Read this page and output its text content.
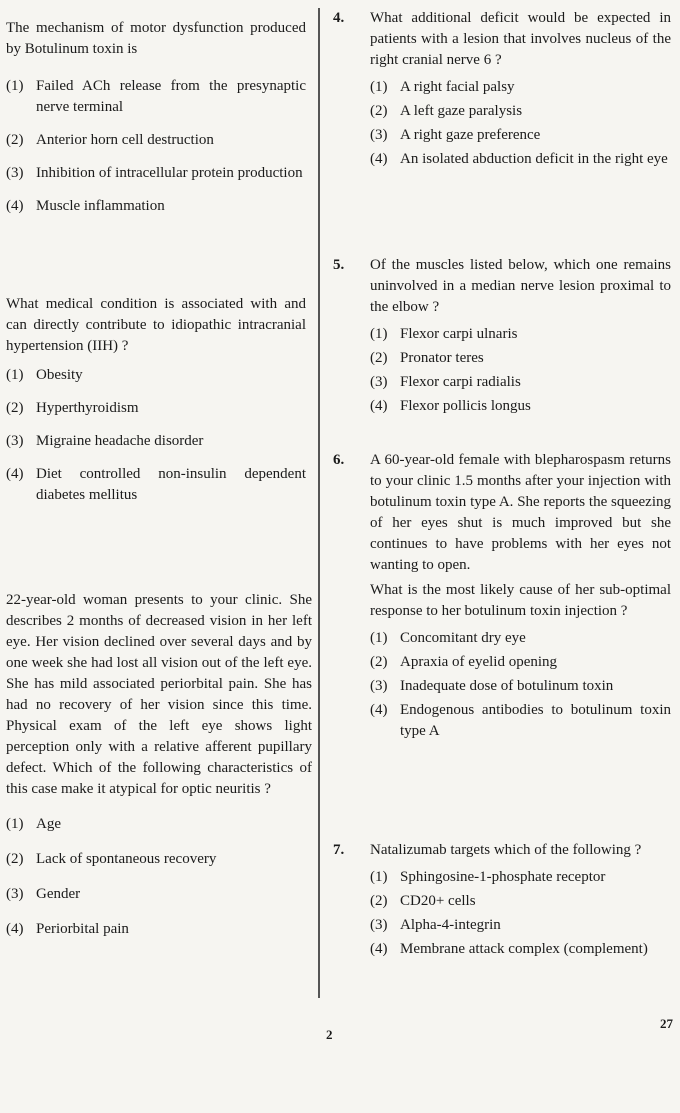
The mechanism of motor dysfunction produced by Botulinum toxin is
(1) Failed ACh release from the presynaptic nerve terminal
(2) Anterior horn cell destruction
(3) Inhibition of intracellular protein production
(4) Muscle inflammation
What medical condition is associated with and can directly contribute to idiopathic intracranial hypertension (IIH) ?
(1) Obesity
(2) Hyperthyroidism
(3) Migraine headache disorder
(4) Diet controlled non-insulin dependent diabetes mellitus
22-year-old woman presents to your clinic. She describes 2 months of decreased vision in her left eye. Her vision declined over several days and by one week she had lost all vision out of the left eye. She has mild associated periorbital pain. She has had no recovery of her vision since this time. Physical exam of the left eye shows light perception only with a relative afferent pupillary defect. Which of the following characteristics of this case make it atypical for optic neuritis ?
(1) Age
(2) Lack of spontaneous recovery
(3) Gender
(4) Periorbital pain
4. What additional deficit would be expected in patients with a lesion that involves nucleus of the right cranial nerve 6 ?
(1) A right facial palsy
(2) A left gaze paralysis
(3) A right gaze preference
(4) An isolated abduction deficit in the right eye
5. Of the muscles listed below, which one remains uninvolved in a median nerve lesion proximal to the elbow ?
(1) Flexor carpi ulnaris
(2) Pronator teres
(3) Flexor carpi radialis
(4) Flexor pollicis longus
6. A 60-year-old female with blepharospasm returns to your clinic 1.5 months after your injection with botulinum toxin type A. She reports the squeezing of her eyes shut is much improved but she continues to have problems with her eyes not wanting to open.
What is the most likely cause of her sub-optimal response to her botulinum toxin injection ?
(1) Concomitant dry eye
(2) Apraxia of eyelid opening
(3) Inadequate dose of botulinum toxin
(4) Endogenous antibodies to botulinum toxin type A
7. Natalizumab targets which of the following ?
(1) Sphingosine-1-phosphate receptor
(2) CD20+ cells
(3) Alpha-4-integrin
(4) Membrane attack complex (complement)
2
27
